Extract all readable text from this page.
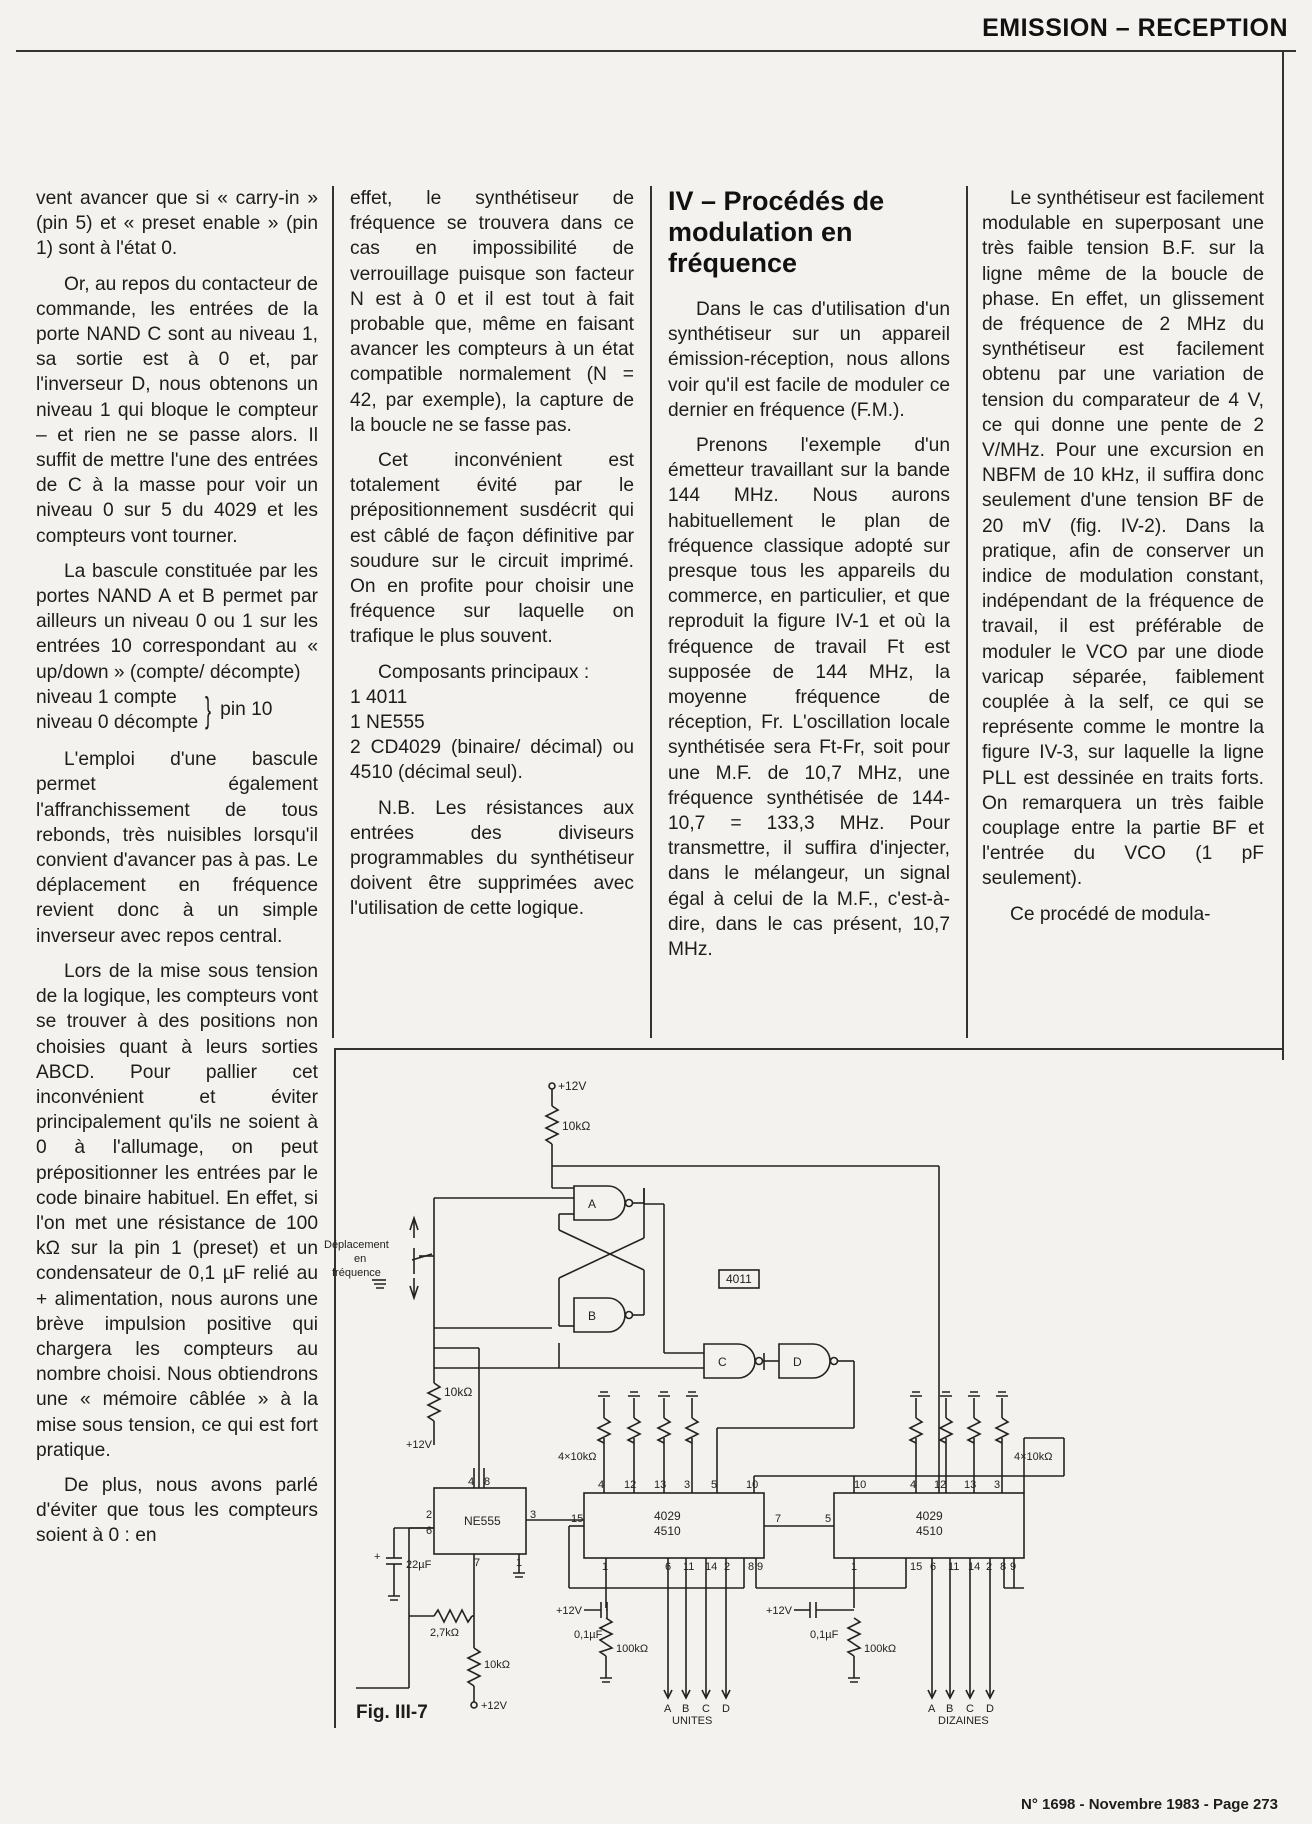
EMISSION – RECEPTION

vent avancer que si « carry-in » (pin 5) et « preset enable » (pin 1) sont à l'état 0.

Or, au repos du contacteur de commande, les entrées de la porte NAND C sont au niveau 1, sa sortie est à 0 et, par l'inverseur D, nous obtenons un niveau 1 qui bloque le compteur – et rien ne se passe alors. Il suffit de mettre l'une des entrées de C à la masse pour voir un niveau 0 sur 5 du 4029 et les compteurs vont tourner.

La bascule constituée par les portes NAND A et B permet par ailleurs un niveau 0 ou 1 sur les entrées 10 correspondant au « up/down » (compte/ décompte)

niveau 1 compte
niveau 0 décompte } pin 10

L'emploi d'une bascule permet également l'affranchissement de tous rebonds, très nuisibles lorsqu'il convient d'avancer pas à pas. Le déplacement en fréquence revient donc à un simple inverseur avec repos central.

Lors de la mise sous tension de la logique, les compteurs vont se trouver à des positions non choisies quant à leurs sorties ABCD. Pour pallier cet inconvénient et éviter principalement qu'ils ne soient à 0 à l'allumage, on peut prépositionner les entrées par le code binaire habituel. En effet, si l'on met une résistance de 100 kΩ sur la pin 1 (preset) et un condensateur de 0,1 µF relié au + alimentation, nous aurons une brève impulsion positive qui chargera les compteurs au nombre choisi. Nous obtiendrons une « mémoire câblée » à la mise sous tension, ce qui est fort pratique.

De plus, nous avons parlé d'éviter que tous les compteurs soient à 0 : en

effet, le synthétiseur de fréquence se trouvera dans ce cas en impossibilité de verrouillage puisque son facteur N est à 0 et il est tout à fait probable que, même en faisant avancer les compteurs à un état compatible normalement (N = 42, par exemple), la capture de la boucle ne se fasse pas.

Cet inconvénient est totalement évité par le prépositionnement susdécrit qui est câblé de façon définitive par soudure sur le circuit imprimé. On en profite pour choisir une fréquence sur laquelle on trafique le plus souvent.

Composants principaux :

1 4011

1 NE555

2 CD4029 (binaire/ décimal) ou 4510 (décimal seul).

N.B. Les résistances aux entrées des diviseurs programmables du synthétiseur doivent être supprimées avec l'utilisation de cette logique.

IV – Procédés de modulation en fréquence

Dans le cas d'utilisation d'un synthétiseur sur un appareil émission-réception, nous allons voir qu'il est facile de moduler ce dernier en fréquence (F.M.).

Prenons l'exemple d'un émetteur travaillant sur la bande 144 MHz. Nous aurons habituellement le plan de fréquence classique adopté sur presque tous les appareils du commerce, en particulier, et que reproduit la figure IV-1 et où la fréquence de travail Ft est supposée de 144 MHz, la moyenne fréquence de réception, Fr. L'oscillation locale synthétisée sera Ft-Fr, soit pour une M.F. de 10,7 MHz, une fréquence synthétisée de 144-10,7 = 133,3 MHz. Pour transmettre, il suffira d'injecter, dans le mélangeur, un signal égal à celui de la M.F., c'est-à-dire, dans le cas présent, 10,7 MHz.

Le synthétiseur est facilement modulable en superposant une très faible tension B.F. sur la ligne même de la boucle de phase. En effet, un glissement de fréquence de 2 MHz du synthétiseur est facilement obtenu par une variation de tension du comparateur de 4 V, ce qui donne une pente de 2 V/MHz. Pour une excursion en NBFM de 10 kHz, il suffira donc seulement d'une tension BF de 20 mV (fig. IV-2). Dans la pratique, afin de conserver un indice de modulation constant, indépendant de la fréquence de travail, il est préférable de moduler le VCO par une diode varicap séparée, faiblement couplée à la self, ce qui se représente comme le montre la figure IV-3, sur laquelle la ligne PLL est dessinée en traits forts. On remarquera un très faible couplage entre la partie BF et l'entrée du VCO (1 pF seulement).

Ce procédé de modula-

+12V
10kΩ
A
B
Déplacement
en
fréquence	4011
C	D
10kΩ
+12V
NE555
4 8
2
6
3
7	1
+
22µF
2,7kΩ
10kΩ
+12V
4029
4510
15	7
4×10kΩ
4 12 13 3 5	10
1	6 11 14 2 8 9
+12V
0,1µF
100kΩ
A B C D
UNITES
4029
4510
5
4×10kΩ
10	4 12 13 3
1	15 6 11 14 2 8 9
+12V
0,1µF
100kΩ
A B C D
DIZAINES
Fig. III-7
N° 1698 - Novembre 1983 - Page 273
